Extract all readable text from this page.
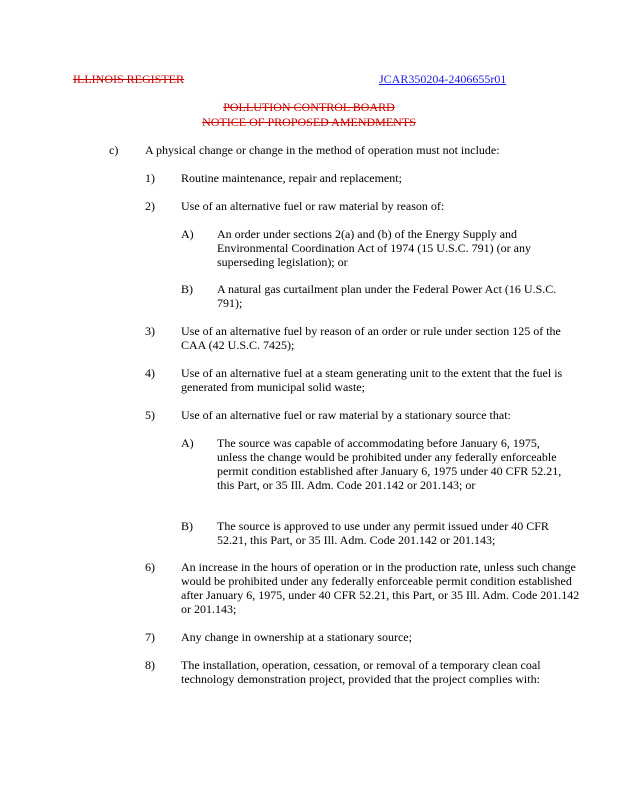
ILLINOIS REGISTER	JCAR350204-2406655r01
POLLUTION CONTROL BOARD
NOTICE OF PROPOSED AMENDMENTS
c) A physical change or change in the method of operation must not include:
1) Routine maintenance, repair and replacement;
2) Use of an alternative fuel or raw material by reason of:
A) An order under sections 2(a) and (b) of the Energy Supply and Environmental Coordination Act of 1974 (15 U.S.C. 791) (or any superseding legislation); or
B) A natural gas curtailment plan under the Federal Power Act (16 U.S.C. 791);
3) Use of an alternative fuel by reason of an order or rule under section 125 of the CAA (42 U.S.C. 7425);
4) Use of an alternative fuel at a steam generating unit to the extent that the fuel is generated from municipal solid waste;
5) Use of an alternative fuel or raw material by a stationary source that:
A) The source was capable of accommodating before January 6, 1975, unless the change would be prohibited under any federally enforceable permit condition established after January 6, 1975 under 40 CFR 52.21, this Part, or 35 Ill. Adm. Code 201.142 or 201.143; or
B) The source is approved to use under any permit issued under 40 CFR 52.21, this Part, or 35 Ill. Adm. Code 201.142 or 201.143;
6) An increase in the hours of operation or in the production rate, unless such change would be prohibited under any federally enforceable permit condition established after January 6, 1975, under 40 CFR 52.21, this Part, or 35 Ill. Adm. Code 201.142 or 201.143;
7) Any change in ownership at a stationary source;
8) The installation, operation, cessation, or removal of a temporary clean coal technology demonstration project, provided that the project complies with:
